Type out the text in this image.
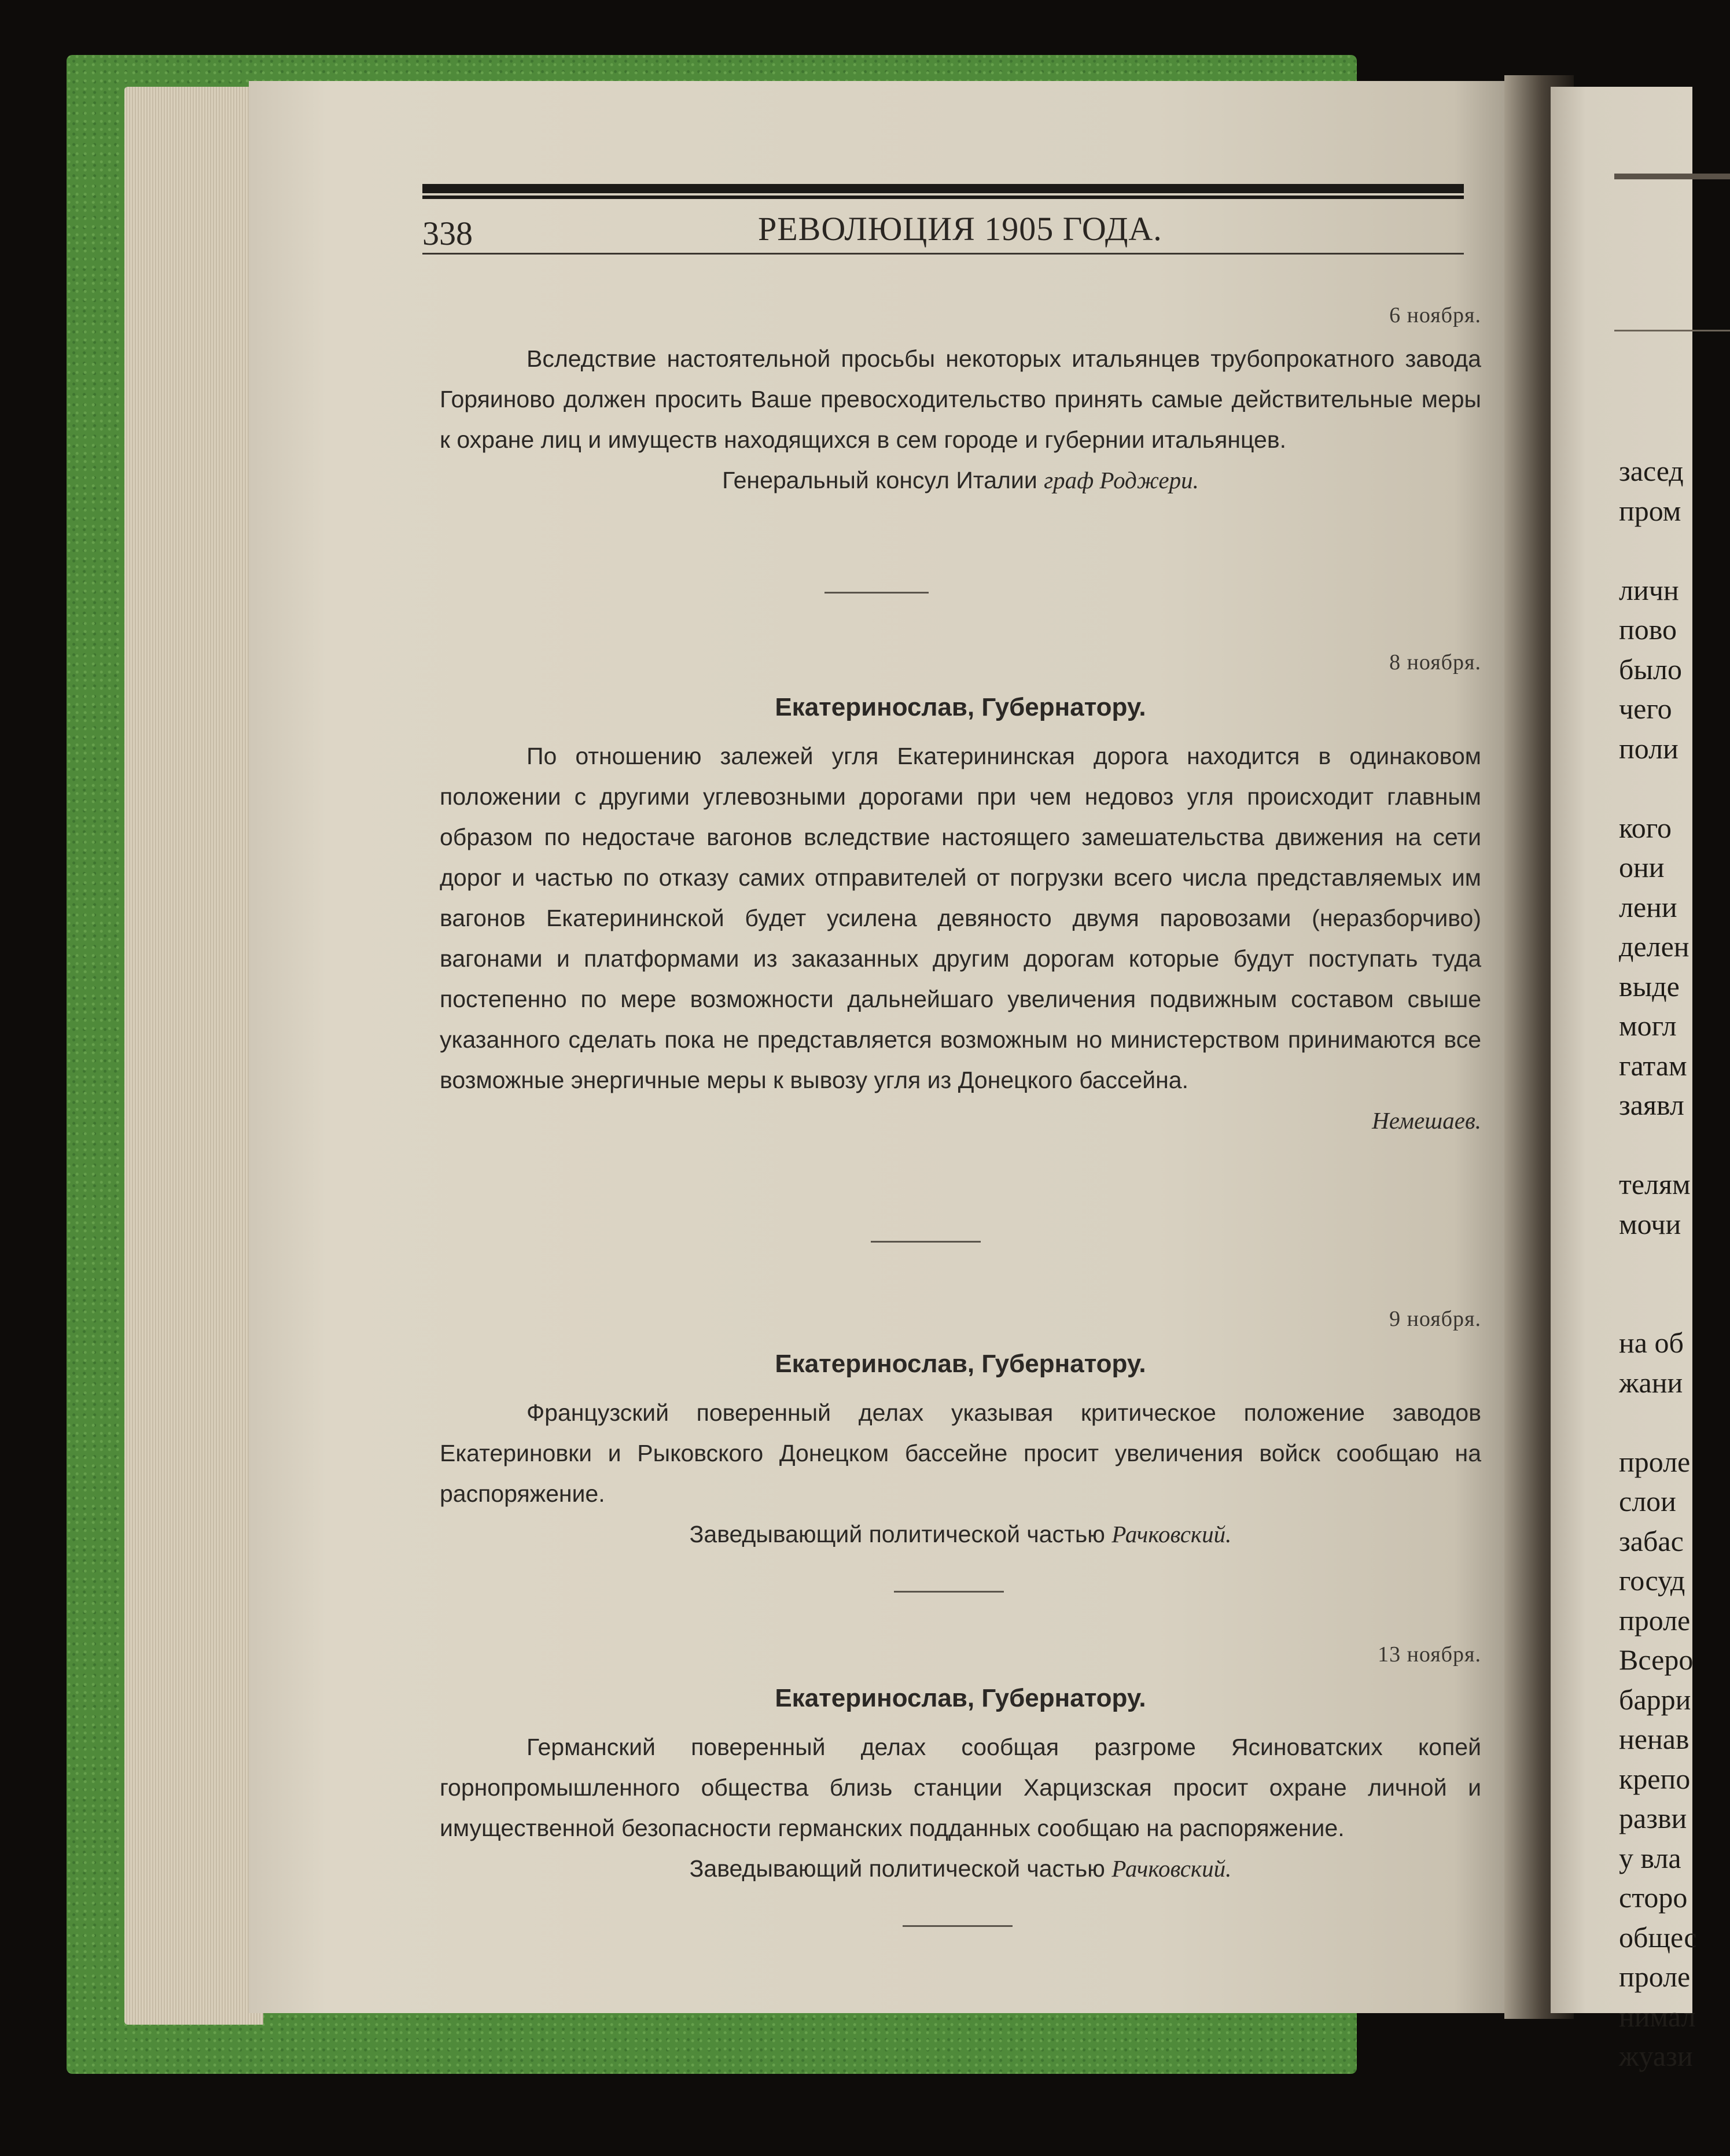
засед
пром

личн
пово
было
чего
поли

кого
они
лени
делен
выде
могл
гатам
заявл

телям
мочи

на об
жани

проле
слои
забас
госуд
проле
Всеро
барри
ненав
крепо
разви
у вла
сторо
общес
проле
нимал
жуази
338	РЕВОЛЮЦИЯ 1905 ГОДА.
6 ноября.

Вследствие настоятельной просьбы некоторых итальянцев трубопрокатного завода Горяиново должен просить Ваше превосходительство принять самые действительные меры к охране лиц и имуществ находящихся в сем городе и губернии итальянцев.

Генеральный консул Италии граф Роджери.

8 ноября.

Екатеринослав, Губернатору.

По отношению залежей угля Екатерининская дорога находится в одинаковом положении с другими углевозными дорогами при чем недовоз угля происходит главным образом по недостаче вагонов вследствие настоящего замешательства движения на сети дорог и частью по отказу самих отправителей от погрузки всего числа представляемых им вагонов Екатерининской будет усилена девяносто двумя паровозами (неразборчиво) вагонами и платформами из заказанных другим дорогам которые будут поступать туда постепенно по мере возможности дальнейшаго увеличения подвижным составом свыше указанного сделать пока не представляется возможным но министерством принимаются все возможные энергичные меры к вывозу угля из Донецкого бассейна.

Немешаев.

9 ноября.

Екатеринослав, Губернатору.

Французский поверенный делах указывая критическое положение заводов Екатериновки и Рыковского Донецком бассейне просит увеличения войск сообщаю на распоряжение.

Заведывающий политической частью Рачковский.

13 ноября.

Екатеринослав, Губернатору.

Германский поверенный делах сообщая разгроме Ясиноватских копей горнопромышленного общества близь станции Харцизская просит охране личной и имущественной безопасности германских подданных сообщаю на распоряжение.

Заведывающий политической частью Рачковский.
